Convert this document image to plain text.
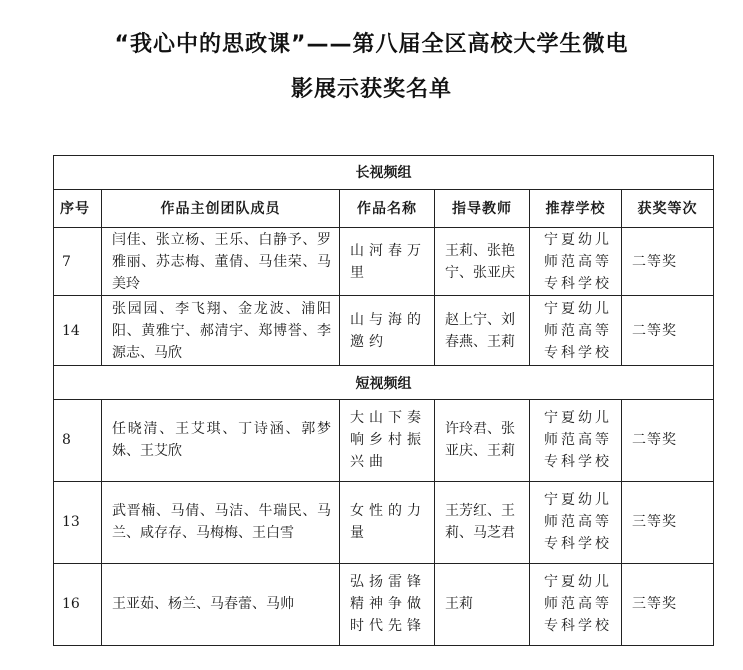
“我心中的思政课”——第八届全区高校大学生微电
影展示获奖名单
长视频组					
序号	作品主创团队成员	作品名称	指导教师	推荐学校	获奖等次
7	闫佳、张立杨、王乐、白静予、罗雅丽、苏志梅、董倩、马佳荣、马美玲	山河春万里	王莉、张艳宁、张亚庆	宁夏幼儿师范高等专科学校	二等奖
14	张园园、李飞翔、金龙波、浦阳阳、黄雅宁、郝清宇、郑博誉、李源志、马欣	山与海的邀约	赵上宁、刘春燕、王莉	宁夏幼儿师范高等专科学校	二等奖
短视频组					
8	任晓清、王艾琪、丁诗涵、郭梦姝、王艾欣	大山下奏响乡村振兴曲	许玲君、张亚庆、王莉	宁夏幼儿师范高等专科学校	二等奖
13	武晋楠、马倩、马洁、牛瑞民、马兰、咸存存、马梅梅、王白雪	女性的力量	王芳红、王莉、马芝君	宁夏幼儿师范高等专科学校	三等奖
16	王亚茹、杨兰、马春蕾、马帅	弘扬雷锋精神争做时代先锋	王莉	宁夏幼儿师范高等专科学校	三等奖
